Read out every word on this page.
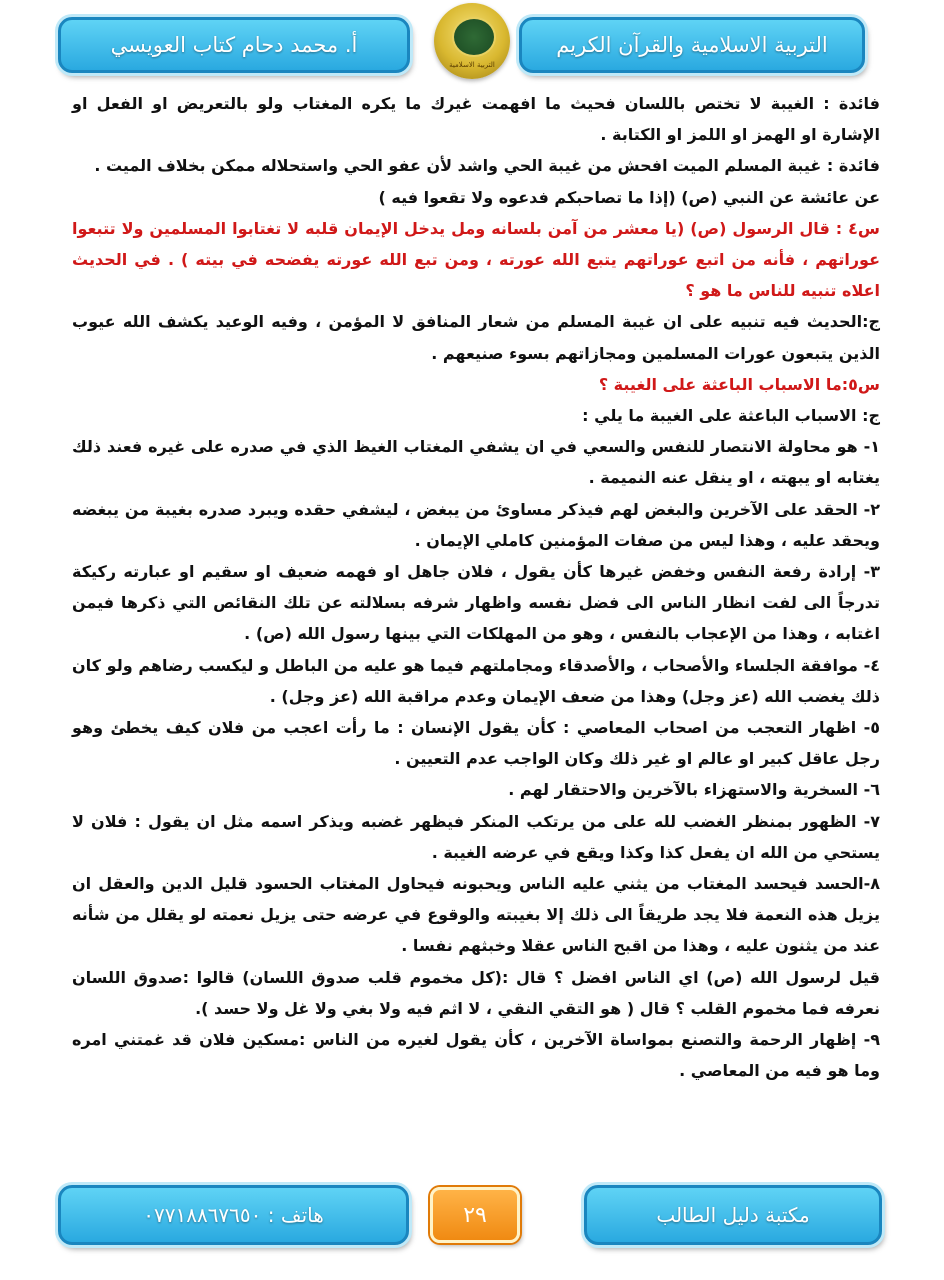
التربية الاسلامية والقرآن الكريم
التربية الاسلامية
أ. محمد دحام كتاب العويسي

فائدة : الغيبة لا تختص باللسان فحيث ما افهمت غيرك ما يكره المغتاب ولو بالتعريض او الفعل او الإشارة او الهمز او اللمز او الكتابة .

فائدة : غيبة المسلم الميت افحش من غيبة الحي واشد لأن عفو الحي واستحلاله ممكن بخلاف الميت .

عن عائشة عن النبي (ص) (إذا ما تصاحبكم فدعوه ولا تقعوا فيه )

س٤ : قال الرسول (ص) (يا معشر من آمن بلسانه ومل يدخل الإيمان قلبه لا تغتابوا المسلمين ولا تتبعوا عوراتهم ، فأنه من اتبع عوراتهم يتبع الله عورته ، ومن تبع الله عورته يفضحه في بيته ) . في الحديث اعلاه تنبيه للناس ما هو ؟

ج:الحديث فيه تنبيه على ان غيبة المسلم من شعار المنافق لا المؤمن ، وفيه الوعيد يكشف الله عيوب الذين يتبعون عورات المسلمين ومجازاتهم بسوء صنيعهم .

س٥:ما الاسباب الباعثة على الغيبة ؟

ج: الاسباب الباعثة على الغيبة ما يلي :

١- هو محاولة الانتصار للنفس والسعي في ان يشفي المغتاب الغيظ الذي في صدره على غيره فعند ذلك يغتابه او يبهته ، او ينقل عنه النميمة .

٢- الحقد على الآخرين والبغض لهم فيذكر مساوئ من يبغض ، ليشفي حقده ويبرد صدره بغيبة من يبغضه ويحقد عليه ، وهذا ليس من صفات المؤمنين كاملي الإيمان .

٣- إرادة رفعة النفس وخفض غيرها كأن يقول ، فلان جاهل او فهمه ضعيف او سقيم او عبارته ركيكة تدرجاً الى لفت انظار الناس الى فضل نفسه واظهار شرفه بسلالته عن تلك النقائص التي ذكرها فيمن اغتابه ، وهذا من الإعجاب بالنفس ، وهو من المهلكات التي بينها رسول الله (ص) .

٤- موافقة الجلساء والأصحاب ، والأصدقاء ومجاملتهم فيما هو عليه من الباطل و ليكسب رضاهم ولو كان ذلك يغضب الله (عز وجل) وهذا من ضعف الإيمان وعدم مراقبة الله (عز وجل) .

٥- اظهار التعجب من اصحاب المعاصي : كأن يقول الإنسان : ما رأت اعجب من فلان كيف يخطئ وهو رجل عاقل كبير او عالم او غير ذلك وكان الواجب عدم التعيين .

٦- السخرية والاستهزاء بالآخرين والاحتقار لهم .

٧- الظهور بمنظر الغضب لله على من يرتكب المنكر فيظهر غضبه ويذكر اسمه مثل ان يقول : فلان لا يستحي من الله ان يفعل كذا وكذا ويقع في عرضه الغيبة .

٨-الحسد فيحسد المغتاب من يثني عليه الناس ويحبونه فيحاول المغتاب الحسود قليل الدين والعقل ان يزيل هذه النعمة فلا يجد طريقاً الى ذلك إلا بغيبته والوقوع في عرضه حتى يزيل نعمته لو يقلل من شأنه عند من يثنون عليه ، وهذا من اقبح الناس عقلا وخبثهم نفسا .

قيل لرسول الله (ص) اي الناس افضل ؟ قال :(كل مخموم قلب صدوق اللسان) قالوا :صدوق اللسان نعرفه فما مخموم القلب ؟ قال ( هو التقي النقي ، لا اثم فيه ولا بغي ولا غل ولا حسد ).

٩- إظهار الرحمة والتصنع بمواساة الآخرين ، كأن يقول لغيره من الناس :مسكين فلان قد غمتني امره وما هو فيه من المعاصي .

مكتبة دليل الطالب
٢٩
هاتف : ٠٧٧١٨٨٦٧٦٥٠
